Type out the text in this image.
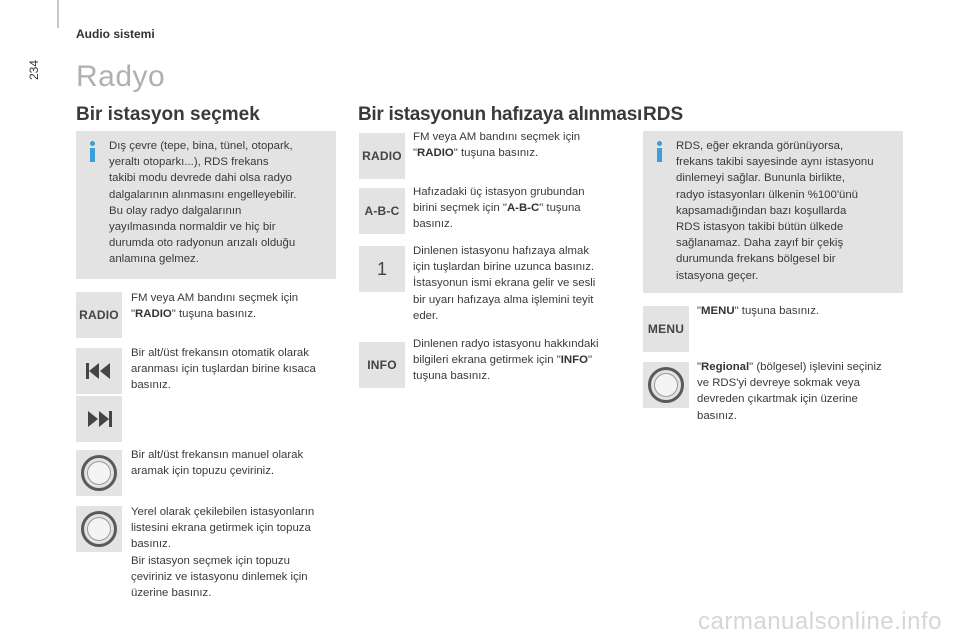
Audio sistemi
234 Radyo
Bir istasyon seçmek
Dış çevre (tepe, bina, tünel, otopark,
yeraltı otoparkı...), RDS frekans
takibi modu devrede dahi olsa radyo
dalgalarının alınmasını engelleyebilir.
Bu olay radyo dalgalarının
yayılmasında normaldir ve hiç bir
durumda oto radyonun arızalı olduğu
anlamına gelmez.
RADIO
FM veya AM bandını seçmek için
"RADIO" tuşuna basınız.
Bir alt/üst frekansın otomatik olarak
aranması için tuşlardan birine kısaca
basınız.
Bir alt/üst frekansın manuel olarak
aramak için topuzu çeviriniz.
Yerel olarak çekilebilen istasyonların
listesini ekrana getirmek için topuza
basınız.
Bir istasyon seçmek için topuzu
çeviriniz ve istasyonu dinlemek için
üzerine basınız.
Bir istasyonun hafızaya alınması
RADIO
FM veya AM bandını seçmek için
"RADIO" tuşuna basınız.
A-B-C
Hafızadaki üç istasyon grubundan
birini seçmek için "A-B-C" tuşuna
basınız.
1
Dinlenen istasyonu hafızaya almak
için tuşlardan birine uzunca basınız.
İstasyonun ismi ekrana gelir ve sesli
bir uyarı hafızaya alma işlemini teyit
eder.
INFO
Dinlenen radyo istasyonu hakkındaki
bilgileri ekrana getirmek için "INFO"
tuşuna basınız.
RDS
RDS, eğer ekranda görünüyorsa,
frekans takibi sayesinde aynı istasyonu
dinlemeyi sağlar. Bununla birlikte,
radyo istasyonları ülkenin %100'ünü
kapsamadığından bazı koşullarda
RDS istasyon takibi bütün ülkede
sağlanamaz. Daha zayıf bir çekiş
durumunda frekans bölgesel bir
istasyona geçer.
MENU
"MENU" tuşuna basınız.
"Regional" (bölgesel) işlevini seçiniz
ve RDS'yi devreye sokmak veya
devreden çıkartmak için üzerine
basınız.
carmanualsonline.info
